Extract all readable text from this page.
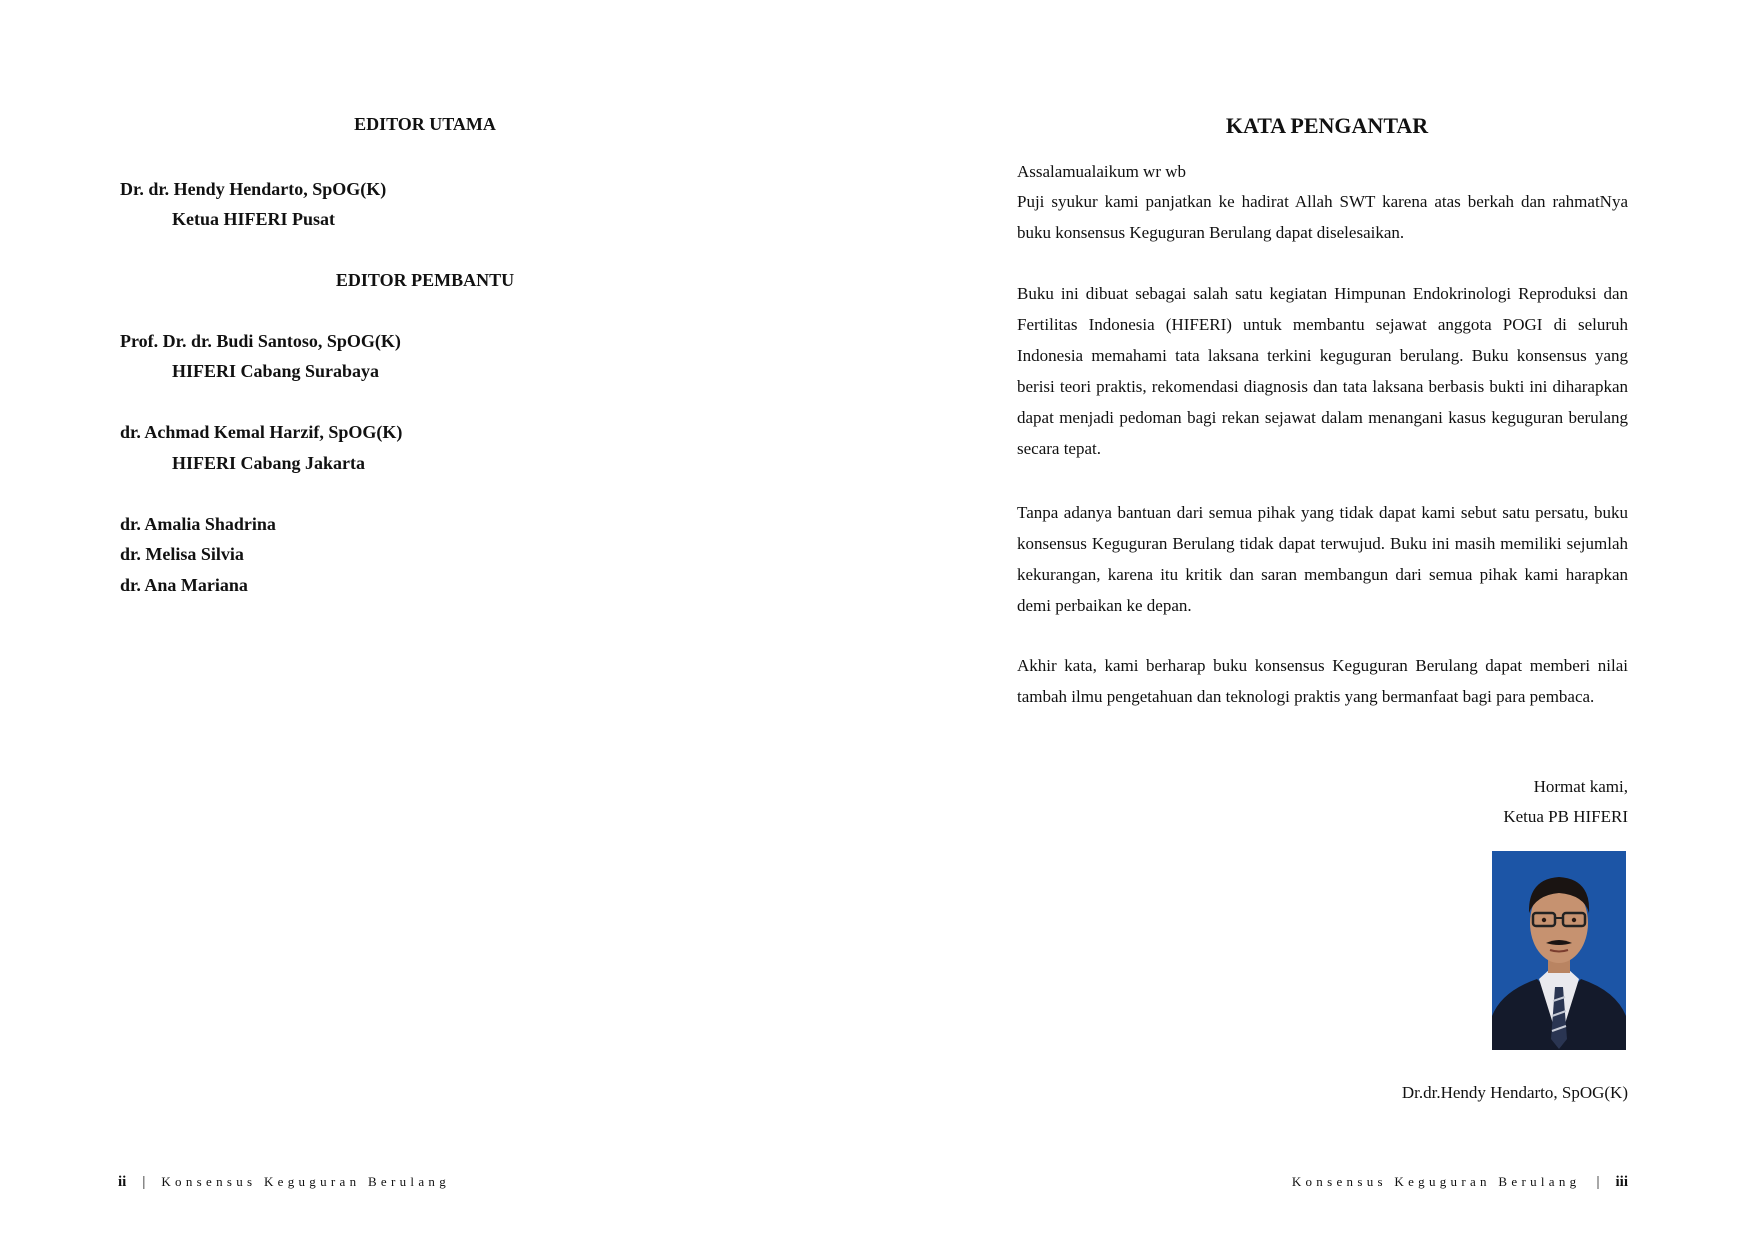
EDITOR UTAMA
Dr. dr. Hendy Hendarto, SpOG(K)
Ketua HIFERI Pusat
EDITOR PEMBANTU
Prof. Dr. dr. Budi Santoso, SpOG(K)
HIFERI Cabang Surabaya
dr. Achmad Kemal Harzif, SpOG(K)
HIFERI Cabang Jakarta
dr. Amalia Shadrina
dr. Melisa Silvia
dr. Ana Mariana
ii | Konsensus Keguguran Berulang
KATA PENGANTAR
Assalamualaikum wr wb

Puji syukur kami panjatkan ke hadirat Allah SWT karena atas berkah dan rahmatNya buku konsensus Keguguran Berulang dapat diselesaikan.

Buku ini dibuat sebagai salah satu kegiatan Himpunan Endokrinologi Reproduksi dan Fertilitas Indonesia (HIFERI) untuk membantu sejawat anggota POGI di seluruh Indonesia memahami tata laksana terkini keguguran berulang. Buku konsensus yang berisi teori praktis, rekomendasi diagnosis dan tata laksana berbasis bukti ini diharapkan dapat menjadi pedoman bagi rekan sejawat dalam menangani kasus keguguran berulang secara tepat.

Tanpa adanya bantuan dari semua pihak yang tidak dapat kami sebut satu persatu, buku konsensus Keguguran Berulang tidak dapat terwujud. Buku ini masih memiliki sejumlah kekurangan, karena itu kritik dan saran membangun dari semua pihak kami harapkan demi perbaikan ke depan.

Akhir kata, kami berharap buku konsensus Keguguran Berulang dapat memberi nilai tambah ilmu pengetahuan dan teknologi praktis yang bermanfaat bagi para pembaca.

Hormat kami,
Ketua PB HIFERI
Dr.dr.Hendy Hendarto, SpOG(K)
Konsensus Keguguran Berulang | iii
